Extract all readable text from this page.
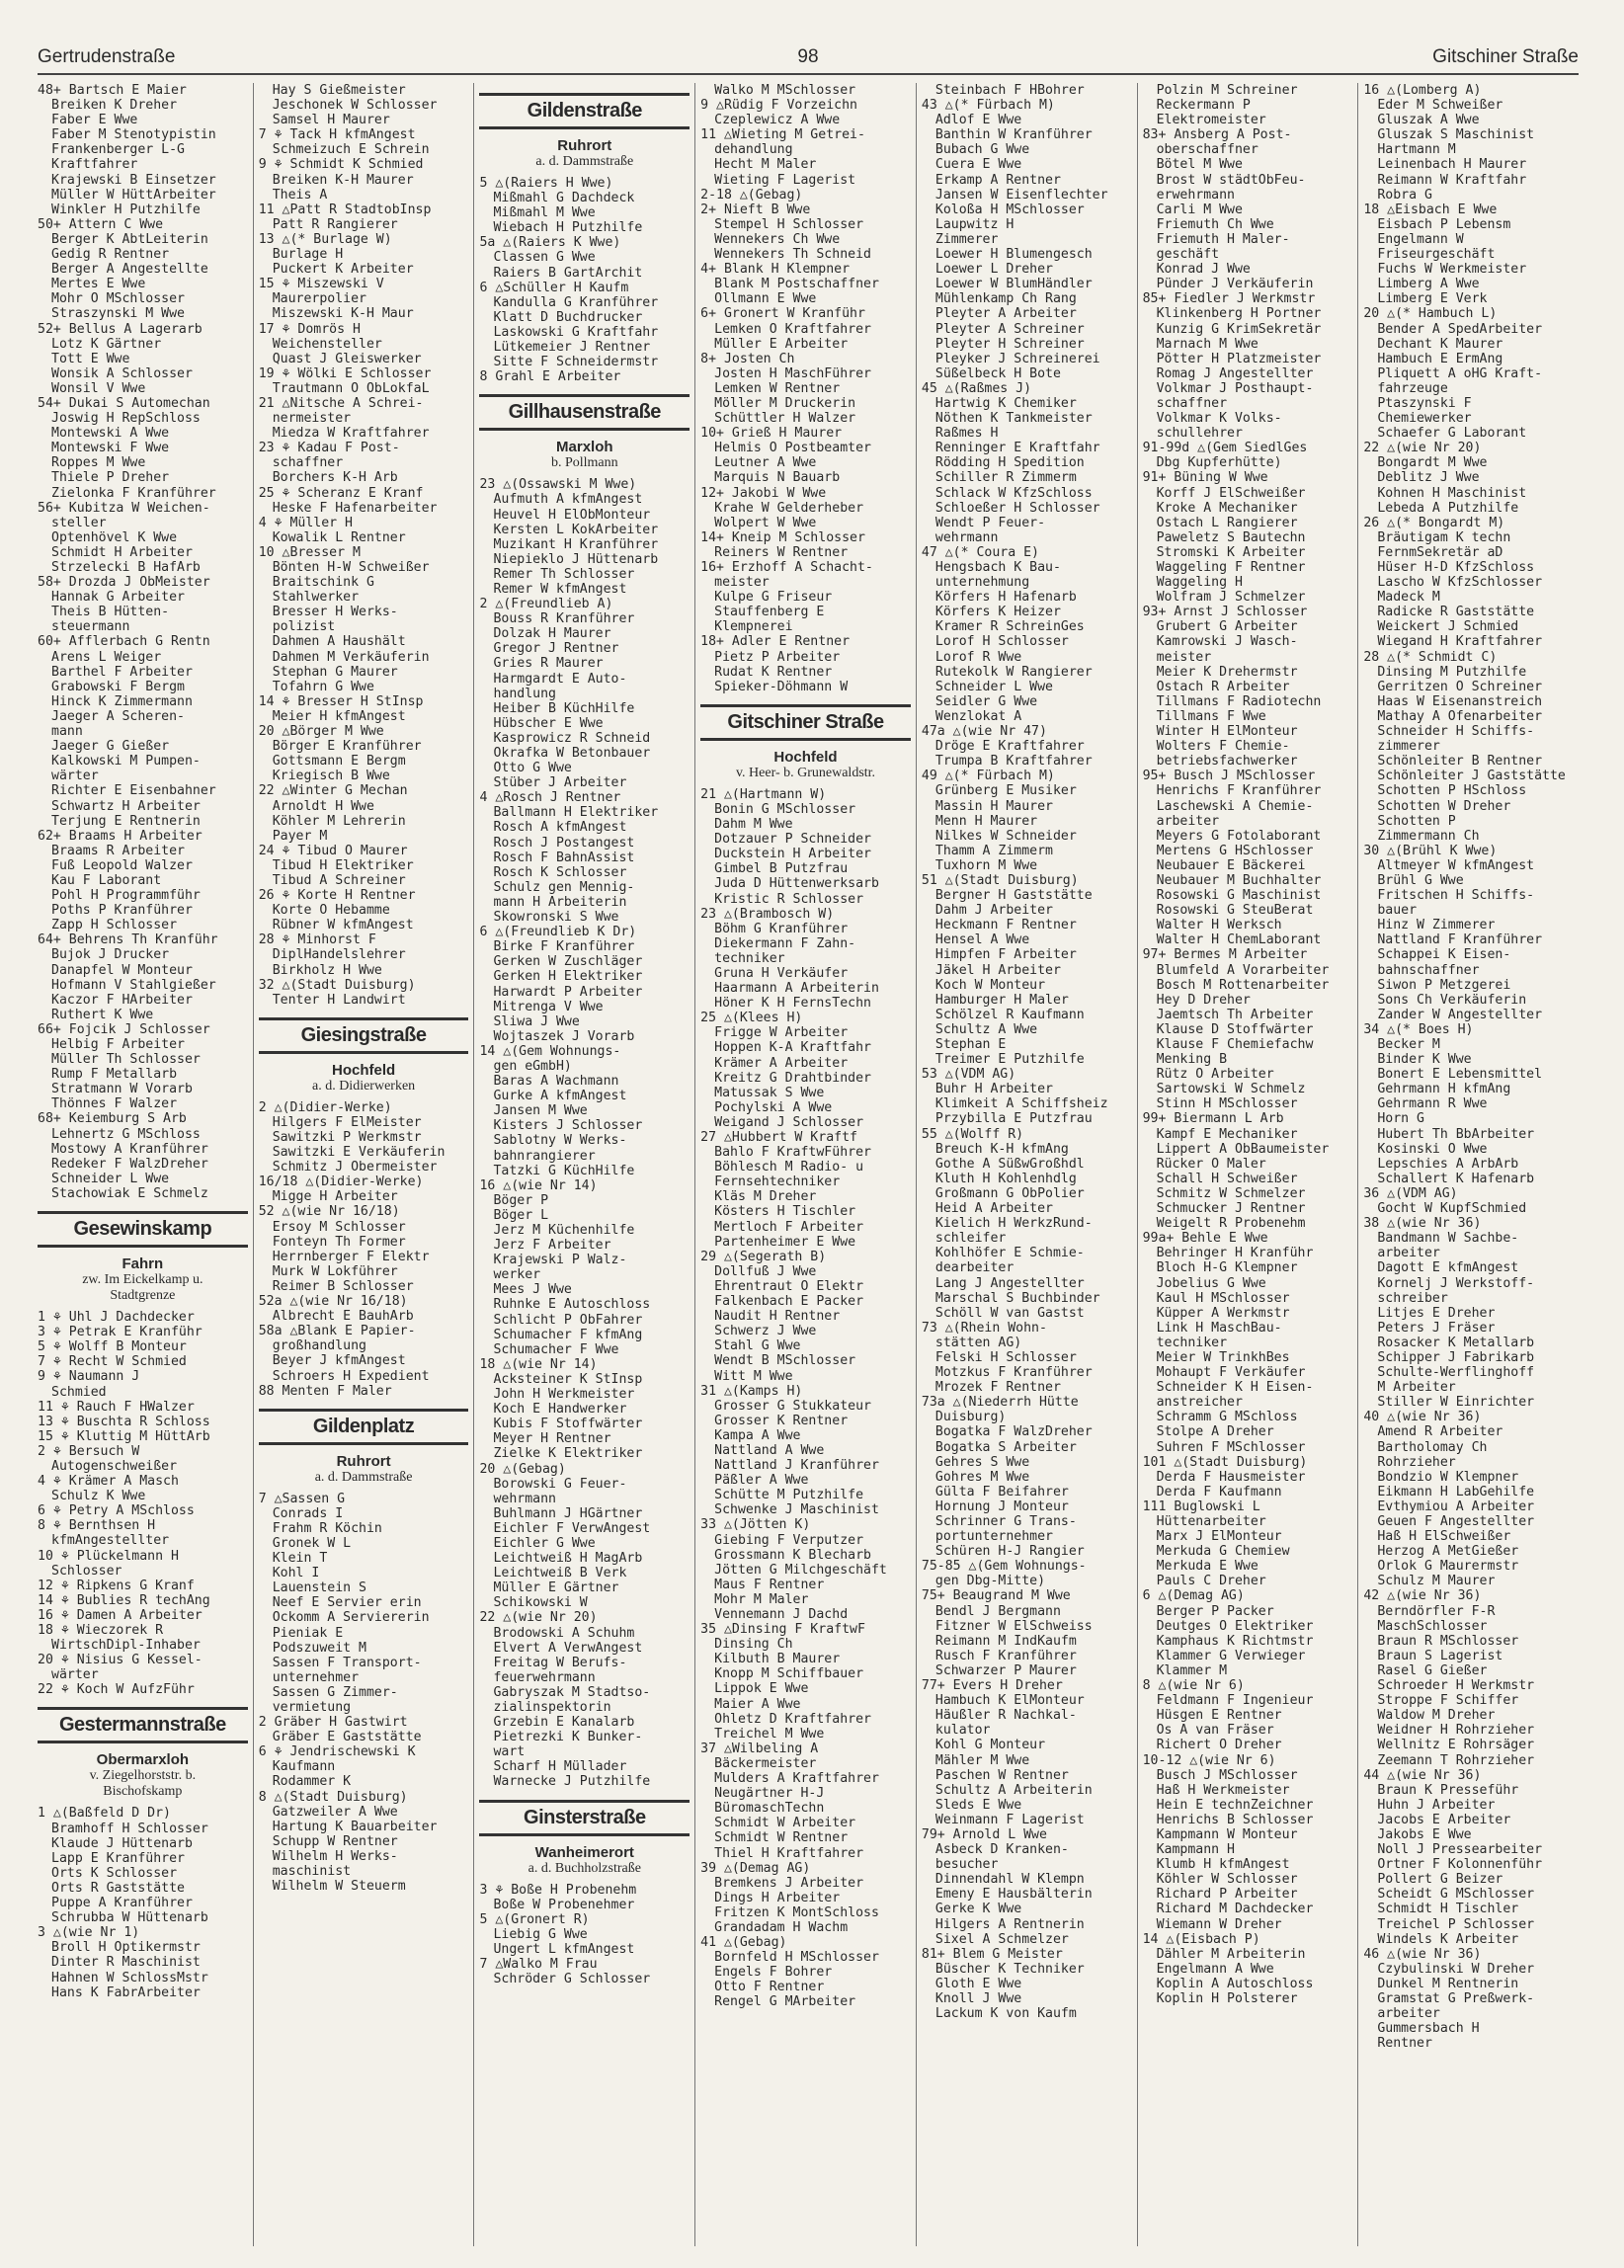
Gertrudenstraße	98	Gitschiner Straße
48+ Bartsch E Maier
Breiken K Dreher
Faber E Wwe
Faber M Stenotypistin
Frankenberger L-G
Kraftfahrer
Krajewski B Einsetzer
Müller W HüttArbeiter
Winkler H Putzhilfe
50+ Attern C Wwe
Berger K AbtLeiterin
Gedig R Rentner
Berger A Angestellte
Mertes E Wwe
Mohr O MSchlosser
Straszynski M Wwe
52+ Bellus A Lagerarb
Lotz K Gärtner
Tott E Wwe
Wonsik A Schlosser
Wonsil V Wwe
54+ Dukai S Automechan
Joswig H RepSchloss
Montewski A Wwe
Montewski F Wwe
Roppes M Wwe
Thiele P Dreher
Zielonka F Kranführer
56+ Kubitza W Weichen-
steller
Optenhövel K Wwe
Schmidt H Arbeiter
Strzelecki B HafArb
58+ Drozda J ObMeister
Hannak G Arbeiter
Theis B Hütten-
steuermann
60+ Afflerbach G Rentn
Arens L Weiger
Barthel F Arbeiter
Grabowski F Bergm
Hinck K Zimmermann
Jaeger A Scheren-
mann
Jaeger G Gießer
Kalkowski M Pumpen-
wärter
Richter E Eisenbahner
Schwartz H Arbeiter
Terjung E Rentnerin
62+ Braams H Arbeiter
Braams R Arbeiter
Fuß Leopold Walzer
Kau F Laborant
Pohl H Programmführ
Poths P Kranführer
Zapp H Schlosser
64+ Behrens Th Kranführ
Bujok J Drucker
Danapfel W Monteur
Hofmann V Stahlgießer
Kaczor F HArbeiter
Ruthert K Wwe
66+ Fojcik J Schlosser
Helbig F Arbeiter
Müller Th Schlosser
Rump F Metallarb
Stratmann W Vorarb
Thönnes F Walzer
68+ Keiemburg S Arb
Lehnertz G MSchloss
Mostowy A Kranführer
Redeker F WalzDreher
Schneider L Wwe
Stachowiak E Schmelz
Gesewinskamp
Fahrn
zw. Im Eickelkamp u.
Stadtgrenze
1 ⚘ Uhl J Dachdecker
3 ⚘ Petrak E Kranführ
5 ⚘ Wolff B Monteur
7 ⚘ Recht W Schmied
9 ⚘ Naumann J
Schmied
11 ⚘ Rauch F HWalzer
13 ⚘ Buschta R Schloss
15 ⚘ Kluttig M HüttArb
2 ⚘ Bersuch W
Autogenschweißer
4 ⚘ Krämer A Masch
Schulz K Wwe
6 ⚘ Petry A MSchloss
8 ⚘ Bernthsen H
kfmAngestellter
10 ⚘ Plückelmann H
Schlosser
12 ⚘ Ripkens G Kranf
14 ⚘ Bublies R techAng
16 ⚘ Damen A Arbeiter
18 ⚘ Wieczorek R
WirtschDipl-Inhaber
20 ⚘ Nisius G Kessel-
wärter
22 ⚘ Koch W AufzFühr
Gestermannstraße
Obermarxloh
v. Ziegelhorststr. b.
Bischofskamp
1 △(Baßfeld D Dr)
Bramhoff H Schlosser
Klaude J Hüttenarb
Lapp E Kranführer
Orts K Schlosser
Orts R Gaststätte
Puppe A Kranführer
Schrubba W Hüttenarb
3 △(wie Nr 1)
Broll H Optikermstr
Dinter R Maschinist
Hahnen W SchlossMstr
Hans K FabrArbeiter
Hay S Gießmeister
Jeschonek W Schlosser
Samsel H Maurer
7 ⚘ Tack H kfmAngest
Schmeizuch E Schrein
9 ⚘ Schmidt K Schmied
Breiken K-H Maurer
Theis A
11 △Patt R StadtobInsp
Patt R Rangierer
13 △(* Burlage W)
Burlage H
Puckert K Arbeiter
15 ⚘ Miszewski V
Maurerpolier
Miszewski K-H Maur
17 ⚘ Domrös H
Weichensteller
Quast J Gleiswerker
19 ⚘ Wölki E Schlosser
Trautmann O ObLokfaL
21 △Nitsche A Schrei-
nermeister
Miedza W Kraftfahrer
23 ⚘ Kadau F Post-
schaffner
Borchers K-H Arb
25 ⚘ Scheranz E Kranf
Heske F Hafenarbeiter
4 ⚘ Müller H
Kowalik L Rentner
10 △Bresser M
Bönten H-W Schweißer
Braitschink G
Stahlwerker
Bresser H Werks-
polizist
Dahmen A Haushält
Dahmen M Verkäuferin
Stephan G Maurer
Tofahrn G Wwe
14 ⚘ Bresser H StInsp
Meier H kfmAngest
20 △Börger M Wwe
Börger E Kranführer
Gottsmann E Bergm
Kriegisch B Wwe
22 △Winter G Mechan
Arnoldt H Wwe
Köhler M Lehrerin
Payer M
24 ⚘ Tibud O Maurer
Tibud H Elektriker
Tibud A Schreiner
26 ⚘ Korte H Rentner
Korte O Hebamme
Rübner W kfmAngest
28 ⚘ Minhorst F
DiplHandelslehrer
Birkholz H Wwe
32 △(Stadt Duisburg)
Tenter H Landwirt
Giesingstraße
Hochfeld
a. d. Didierwerken
2 △(Didier-Werke)
Hilgers F ElMeister
Sawitzki P Werkmstr
Sawitzki E Verkäuferin
Schmitz J Obermeister
16/18 △(Didier-Werke)
Migge H Arbeiter
52 △(wie Nr 16/18)
Ersoy M Schlosser
Fonteyn Th Former
Herrnberger F Elektr
Murk W Lokführer
Reimer B Schlosser
52a △(wie Nr 16/18)
Albrecht E BauhArb
58a △Blank E Papier-
großhandlung
Beyer J kfmAngest
Schroers H Expedient
88 Menten F Maler
Gildenplatz
Ruhrort
a. d. Dammstraße
7 △Sassen G
Conrads I
Frahm R Köchin
Gronek W L
Klein T
Kohl I
Lauenstein S
Neef E Servier erin
Ockomm A Serviererin
Pieniak E
Podszuweit M
Sassen F Transport-
unternehmer
Sassen G Zimmer-
vermietung
2 Gräber H Gastwirt
Gräber E Gaststätte
6 ⚘ Jendrischewski K
Kaufmann
Rodammer K
8 △(Stadt Duisburg)
Gatzweiler A Wwe
Hartung K Bauarbeiter
Schupp W Rentner
Wilhelm H Werks-
maschinist
Wilhelm W Steuerm
Gildenstraße
Ruhrort
a. d. Dammstraße
5 △(Raiers H Wwe)
Mißmahl G Dachdeck
Mißmahl M Wwe
Wiebach H Putzhilfe
5a △(Raiers K Wwe)
Classen G Wwe
Raiers B GartArchit
6 △Schüller H Kaufm
Kandulla G Kranführer
Klatt D Buchdrucker
Laskowski G Kraftfahr
Lütkemeier J Rentner
Sitte F Schneidermstr
8 Grahl E Arbeiter
Gillhausenstraße
Marxloh
b. Pollmann
23 △(Ossawski M Wwe)
Aufmuth A kfmAngest
Heuvel H ElObMonteur
Kersten L KokArbeiter
Muzikant H Kranführer
Niepieklo J Hüttenarb
Remer Th Schlosser
Remer W kfmAngest
2 △(Freundlieb A)
Bouss R Kranführer
Dolzak H Maurer
Gregor J Rentner
Gries R Maurer
Harmgardt E Auto-
handlung
Heiber B KüchHilfe
Hübscher E Wwe
Kasprowicz R Schneid
Okrafka W Betonbauer
Otto G Wwe
Stüber J Arbeiter
4 △Rosch J Rentner
Ballmann H Elektriker
Rosch A kfmAngest
Rosch J Postangest
Rosch F BahnAssist
Rosch K Schlosser
Schulz gen Mennig-
mann H Arbeiterin
Skowronski S Wwe
6 △(Freundlieb K Dr)
Birke F Kranführer
Gerken W Zuschläger
Gerken H Elektriker
Harwardt P Arbeiter
Mitrenga V Wwe
Sliwa J Wwe
Wojtaszek J Vorarb
14 △(Gem Wohnungs-
gen eGmbH)
Baras A Wachmann
Gurke A kfmAngest
Jansen M Wwe
Kisters J Schlosser
Sablotny W Werks-
bahnrangierer
Tatzki G KüchHilfe
16 △(wie Nr 14)
Böger P
Böger L
Jerz M Küchenhilfe
Jerz F Arbeiter
Krajewski P Walz-
werker
Mees J Wwe
Ruhnke E Autoschloss
Schlicht P ObFahrer
Schumacher F kfmAng
Schumacher F Wwe
18 △(wie Nr 14)
Acksteiner K StInsp
John H Werkmeister
Koch E Handwerker
Kubis F Stoffwärter
Meyer H Rentner
Zielke K Elektriker
20 △(Gebag)
Borowski G Feuer-
wehrmann
Buhlmann J HGärtner
Eichler F VerwAngest
Eichler G Wwe
Leichtweiß H MagArb
Leichtweiß B Verk
Müller E Gärtner
Schikowski W
22 △(wie Nr 20)
Brodowski A Schuhm
Elvert A VerwAngest
Freitag W Berufs-
feuerwehrmann
Gabryszak M Stadtso-
zialinspektorin
Grzebin E Kanalarb
Pietrezki K Bunker-
wart
Scharf H Müllader
Warnecke J Putzhilfe
Ginsterstraße
Wanheimerort
a. d. Buchholzstraße
3 ⚘ Boße H Probenehm
Boße W Probenehmer
5 △(Gronert R)
Liebig G Wwe
Ungert L kfmAngest
7 △Walko M Frau
Schröder G Schlosser
Walko M MSchlosser
9 △Rüdig F Vorzeichn
Czeplewicz A Wwe
11 △Wieting M Getrei-
dehandlung
Hecht M Maler
Wieting F Lagerist
2-18 △(Gebag)
2+ Nieft B Wwe
Stempel H Schlosser
Wennekers Ch Wwe
Wennekers Th Schneid
4+ Blank H Klempner
Blank M Postschaffner
Ollmann E Wwe
6+ Gronert W Kranführ
Lemken O Kraftfahrer
Müller E Arbeiter
8+ Josten Ch
Josten H MaschFührer
Lemken W Rentner
Möller M Druckerin
Schüttler H Walzer
10+ Grieß H Maurer
Helmis O Postbeamter
Leutner A Wwe
Marquis N Bauarb
12+ Jakobi W Wwe
Krahe W Gelderheber
Wolpert W Wwe
14+ Kneip M Schlosser
Reiners W Rentner
16+ Erzhoff A Schacht-
meister
Kulpe G Friseur
Stauffenberg E
Klempnerei
18+ Adler E Rentner
Pietz P Arbeiter
Rudat K Rentner
Spieker-Döhmann W
Gitschiner Straße
Hochfeld
v. Heer- b. Grunewaldstr.
21 △(Hartmann W)
Bonin G MSchlosser
Dahm M Wwe
Dotzauer P Schneider
Duckstein H Arbeiter
Gimbel B Putzfrau
Juda D Hüttenwerksarb
Kristic R Schlosser
23 △(Brambosch W)
Böhm G Kranführer
Diekermann F Zahn-
techniker
Gruna H Verkäufer
Haarmann A Arbeiterin
Höner K H FernsTechn
25 △(Klees H)
Frigge W Arbeiter
Hoppen K-A Kraftfahr
Krämer A Arbeiter
Kreitz G Drahtbinder
Matussak S Wwe
Pochylski A Wwe
Weigand J Schlosser
27 △Hubbert W Kraftf
Bahlo F KraftwFührer
Böhlesch M Radio- u
Fernsehtechniker
Kläs M Dreher
Kösters H Tischler
Mertloch F Arbeiter
Partenheimer E Wwe
29 △(Segerath B)
Dollfuß J Wwe
Ehrentraut O Elektr
Falkenbach E Packer
Naudit H Rentner
Schwerz J Wwe
Stahl G Wwe
Wendt B MSchlosser
Witt M Wwe
31 △(Kamps H)
Grosser G Stukkateur
Grosser K Rentner
Kampa A Wwe
Nattland A Wwe
Nattland J Kranführer
Päßler A Wwe
Schütte M Putzhilfe
Schwenke J Maschinist
33 △(Jötten K)
Giebing F Verputzer
Grossmann K Blecharb
Jötten G Milchgeschäft
Maus F Rentner
Mohr M Maler
Vennemann J Dachd
35 △Dinsing F KraftwF
Dinsing Ch
Kilbuth B Maurer
Knopp M Schiffbauer
Lippok E Wwe
Maier A Wwe
Ohletz D Kraftfahrer
Treichel M Wwe
37 △Wilbeling A
Bäckermeister
Mulders A Kraftfahrer
Neugärtner H-J
BüromaschTechn
Schmidt W Arbeiter
Schmidt W Rentner
Thiel H Kraftfahrer
39 △(Demag AG)
Bremkens J Arbeiter
Dings H Arbeiter
Fritzen K MontSchloss
Grandadam H Wachm
41 △(Gebag)
Bornfeld H MSchlosser
Engels F Bohrer
Otto F Rentner
Rengel G MArbeiter
Steinbach F HBohrer
43 △(* Fürbach M)
Adlof E Wwe
Banthin W Kranführer
Bubach G Wwe
Cuera E Wwe
Erkamp A Rentner
Jansen W Eisenflechter
Koloßa H MSchlosser
Laupwitz H
Zimmerer
Loewer H Blumengesch
Loewer L Dreher
Loewer W BlumHändler
Mühlenkamp Ch Rang
Pleyter A Arbeiter
Pleyter A Schreiner
Pleyter H Schreiner
Pleyker J Schreinerei
Süßelbeck H Bote
45 △(Raßmes J)
Hartwig K Chemiker
Nöthen K Tankmeister
Raßmes H
Renninger E Kraftfahr
Rödding H Spedition
Schiller R Zimmerm
Schlack W KfzSchloss
Schloeßer H Schlosser
Wendt P Feuer-
wehrmann
47 △(* Coura E)
Hengsbach K Bau-
unternehmung
Körfers H Hafenarb
Körfers K Heizer
Kramer R SchreinGes
Lorof H Schlosser
Lorof R Wwe
Rutekolk W Rangierer
Schneider L Wwe
Seidler G Wwe
Wenzlokat A
47a △(wie Nr 47)
Dröge E Kraftfahrer
Trumpa B Kraftfahrer
49 △(* Fürbach M)
Grünberg E Musiker
Massin H Maurer
Menn H Maurer
Nilkes W Schneider
Thamm A Zimmerm
Tuxhorn M Wwe
51 △(Stadt Duisburg)
Bergner H Gaststätte
Dahm J Arbeiter
Heckmann F Rentner
Hensel A Wwe
Himpfen F Arbeiter
Jäkel H Arbeiter
Koch W Monteur
Hamburger H Maler
Schölzel R Kaufmann
Schultz A Wwe
Stephan E
Treimer E Putzhilfe
53 △(VDM AG)
Buhr H Arbeiter
Klimkeit A Schiffsheiz
Przybilla E Putzfrau
55 △(Wolff R)
Breuch K-H kfmAng
Gothe A SüßwGroßhdl
Kluth H Kohlenhdlg
Großmann G ObPolier
Heid A Arbeiter
Kielich H WerkzRund-
schleifer
Kohlhöfer E Schmie-
dearbeiter
Lang J Angestellter
Marschal S Buchbinder
Schöll W van Gastst
73 △(Rhein Wohn-
stätten AG)
Felski H Schlosser
Motzkus F Kranführer
Mrozek F Rentner
73a △(Niederrh Hütte
Duisburg)
Bogatka F WalzDreher
Bogatka S Arbeiter
Gehres S Wwe
Gohres M Wwe
Gülta F Beifahrer
Hornung J Monteur
Schrinner G Trans-
portunternehmer
Schüren H-J Rangier
75-85 △(Gem Wohnungs-
gen Dbg-Mitte)
75+ Beaugrand M Wwe
Bendl J Bergmann
Fitzner W ElSchweiss
Reimann M IndKaufm
Rusch F Kranführer
Schwarzer P Maurer
77+ Evers H Dreher
Hambuch K ElMonteur
Häußler R Nachkal-
kulator
Kohl G Monteur
Mähler M Wwe
Paschen W Rentner
Schultz A Arbeiterin
Sleds E Wwe
Weinmann F Lagerist
79+ Arnold L Wwe
Asbeck D Kranken-
besucher
Dinnendahl W Klempn
Emeny E Hausbälterin
Gerke K Wwe
Hilgers A Rentnerin
Sixel A Schmelzer
81+ Blem G Meister
Büscher K Techniker
Gloth E Wwe
Knoll J Wwe
Lackum K von Kaufm
Polzin M Schreiner
Reckermann P
Elektromeister
83+ Ansberg A Post-
oberschaffner
Bötel M Wwe
Brost W städtObFeu-
erwehrmann
Carli M Wwe
Friemuth Ch Wwe
Friemuth H Maler-
geschäft
Konrad J Wwe
Pünder J Verkäuferin
85+ Fiedler J Werkmstr
Klinkenberg H Portner
Kunzig G KrimSekretär
Marnach M Wwe
Pötter H Platzmeister
Romag J Angestellter
Volkmar J Posthaupt-
schaffner
Volkmar K Volks-
schullehrer
91-99d △(Gem SiedlGes
Dbg Kupferhütte)
91+ Büning W Wwe
Korff J ElSchweißer
Kroke A Mechaniker
Ostach L Rangierer
Paweletz S Bautechn
Stromski K Arbeiter
Waggeling F Rentner
Waggeling H
Wolfram J Schmelzer
93+ Arnst J Schlosser
Grubert G Arbeiter
Kamrowski J Wasch-
meister
Meier K Drehermstr
Ostach R Arbeiter
Tillmans F Radiotechn
Tillmans F Wwe
Winter H ElMonteur
Wolters F Chemie-
betriebsfachwerker
95+ Busch J MSchlosser
Henrichs F Kranführer
Laschewski A Chemie-
arbeiter
Meyers G Fotolaborant
Mertens G HSchlosser
Neubauer E Bäckerei
Neubauer M Buchhalter
Rosowski G Maschinist
Rosowski G SteuBerat
Walter H Werksch
Walter H ChemLaborant
97+ Bermes M Arbeiter
Blumfeld A Vorarbeiter
Bosch M Rottenarbeiter
Hey D Dreher
Jaemtsch Th Arbeiter
Klause D Stoffwärter
Klause F Chemiefachw
Menking B
Rütz O Arbeiter
Sartowski W Schmelz
Stinn H MSchlosser
99+ Biermann L Arb
Kampf E Mechaniker
Lippert A ObBaumeister
Rücker O Maler
Schall H Schweißer
Schmitz W Schmelzer
Schmucker J Rentner
Weigelt R Probenehm
99a+ Behle E Wwe
Behringer H Kranführ
Bloch H-G Klempner
Jobelius G Wwe
Kaul H MSchlosser
Küpper A Werkmstr
Link H MaschBau-
techniker
Meier W TrinkhBes
Mohaupt F Verkäufer
Schneider K H Eisen-
anstreicher
Schramm G MSchloss
Stolpe A Dreher
Suhren F MSchlosser
101 △(Stadt Duisburg)
Derda F Hausmeister
Derda F Kaufmann
111 Buglowski L
Hüttenarbeiter
Marx J ElMonteur
Merkuda G Chemiew
Merkuda E Wwe
Pauls C Dreher
6 △(Demag AG)
Berger P Packer
Deutges O Elektriker
Kamphaus K Richtmstr
Klammer G Verwieger
Klammer M
8 △(wie Nr 6)
Feldmann F Ingenieur
Hüsgen E Rentner
Os A van Fräser
Richert O Dreher
10-12 △(wie Nr 6)
Busch J MSchlosser
Haß H Werkmeister
Hein E technZeichner
Henrichs B Schlosser
Kampmann W Monteur
Kampmann H
Klumb H kfmAngest
Köhler W Schlosser
Richard P Arbeiter
Richard M Dachdecker
Wiemann W Dreher
14 △(Eisbach P)
Dähler M Arbeiterin
Engelmann A Wwe
Koplin A Autoschloss
Koplin H Polsterer
16 △(Lomberg A)
Eder M Schweißer
Gluszak A Wwe
Gluszak S Maschinist
Hartmann M
Leinenbach H Maurer
Reimann W Kraftfahr
Robra G
18 △Eisbach E Wwe
Eisbach P Lebensm
Engelmann W
Friseurgeschäft
Fuchs W Werkmeister
Limberg A Wwe
Limberg E Verk
20 △(* Hambuch L)
Bender A SpedArbeiter
Dechant K Maurer
Hambuch E ErmAng
Pliquett A oHG Kraft-
fahrzeuge
Ptaszynski F
Chemiewerker
Schaefer G Laborant
22 △(wie Nr 20)
Bongardt M Wwe
Deblitz J Wwe
Kohnen H Maschinist
Lebeda A Putzhilfe
26 △(* Bongardt M)
Bräutigam K techn
FernmSekretär aD
Hüser H-D KfzSchloss
Lascho W KfzSchlosser
Madeck M
Radicke R Gaststätte
Weickert J Schmied
Wiegand H Kraftfahrer
28 △(* Schmidt C)
Dinsing M Putzhilfe
Gerritzen O Schreiner
Haas W Eisenanstreich
Mathay A Ofenarbeiter
Schneider H Schiffs-
zimmerer
Schönleiter B Rentner
Schönleiter J Gaststätte
Schotten P HSchloss
Schotten W Dreher
Schotten P
Zimmermann Ch
30 △(Brühl K Wwe)
Altmeyer W kfmAngest
Brühl G Wwe
Fritschen H Schiffs-
bauer
Hinz W Zimmerer
Nattland F Kranführer
Schappei K Eisen-
bahnschaffner
Siwon P Metzgerei
Sons Ch Verkäuferin
Zander W Angestellter
34 △(* Boes H)
Becker M
Binder K Wwe
Bonert E Lebensmittel
Gehrmann H kfmAng
Gehrmann R Wwe
Horn G
Hubert Th BbArbeiter
Kosinski O Wwe
Lepschies A ArbArb
Schallert K Hafenarb
36 △(VDM AG)
Gocht W KupfSchmied
38 △(wie Nr 36)
Bandmann W Sachbe-
arbeiter
Dagott E kfmAngest
Kornelj J Werkstoff-
schreiber
Litjes E Dreher
Peters J Fräser
Rosacker K Metallarb
Schipper J Fabrikarb
Schulte-Werflinghoff
M Arbeiter
Stiller W Einrichter
40 △(wie Nr 36)
Amend R Arbeiter
Bartholomay Ch
Rohrzieher
Bondzio W Klempner
Eikmann H LabGehilfe
Evthymiou A Arbeiter
Geuen F Angestellter
Haß H ElSchweißer
Herzog A MetGießer
Orlok G Maurermstr
Schulz M Maurer
42 △(wie Nr 36)
Berndörfler F-R
MaschSchlosser
Braun R MSchlosser
Braun S Lagerist
Rasel G Gießer
Schroeder H Werkmstr
Stroppe F Schiffer
Waldow M Dreher
Weidner H Rohrzieher
Wellnitz E Rohrsäger
Zeemann T Rohrzieher
44 △(wie Nr 36)
Braun K Presseführ
Huhn J Arbeiter
Jacobs E Arbeiter
Jakobs E Wwe
Noll J Pressearbeiter
Ortner F Kolonnenführ
Pollert G Beizer
Scheidt G MSchlosser
Schmidt H Tischler
Treichel P Schlosser
Windels K Arbeiter
46 △(wie Nr 36)
Czybulinski W Dreher
Dunkel M Rentnerin
Gramstat G Preßwerk-
arbeiter
Gummersbach H
Rentner
